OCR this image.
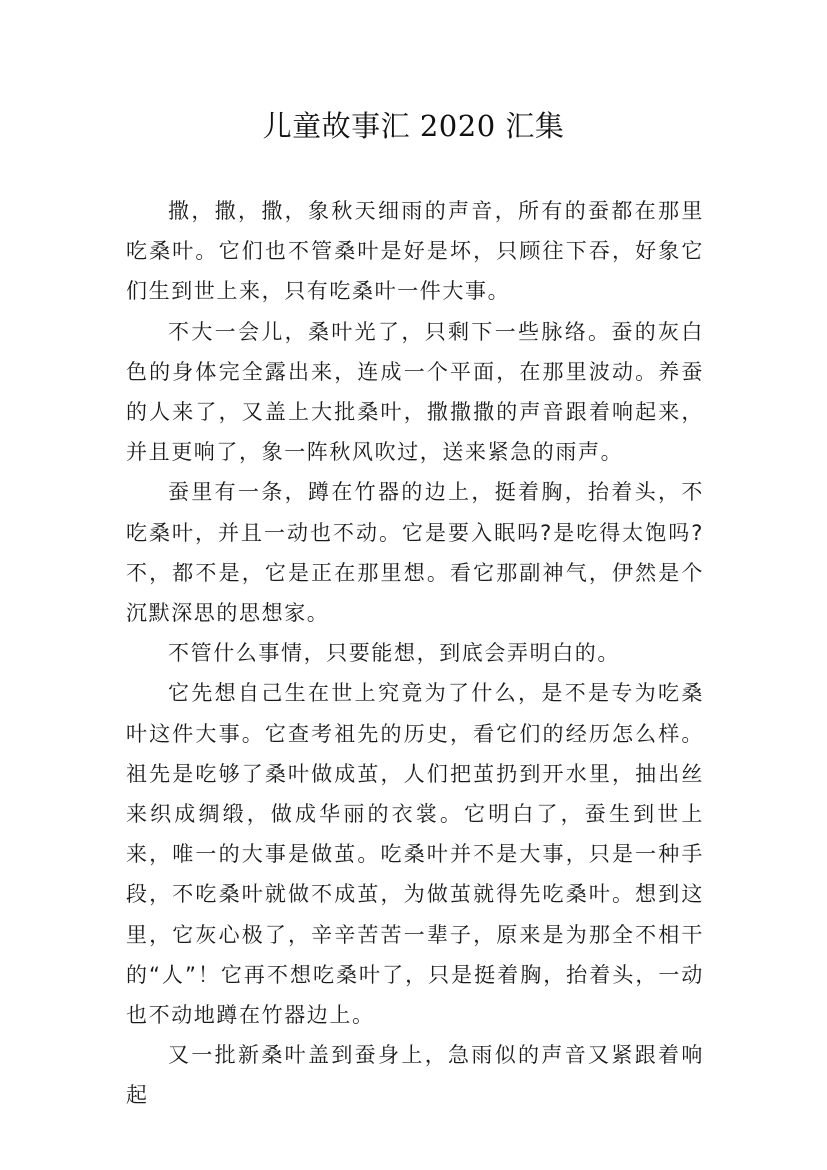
儿童故事汇 2020 汇集

撒，撒，撒，象秋天细雨的声音，所有的蚕都在那里吃桑叶。它们也不管桑叶是好是坏，只顾往下吞，好象它们生到世上来，只有吃桑叶一件大事。

不大一会儿，桑叶光了，只剩下一些脉络。蚕的灰白色的身体完全露出来，连成一个平面，在那里波动。养蚕的人来了，又盖上大批桑叶，撒撒撒的声音跟着响起来，并且更响了，象一阵秋风吹过，送来紧急的雨声。

蚕里有一条，蹲在竹器的边上，挺着胸，抬着头，不吃桑叶，并且一动也不动。它是要入眠吗?是吃得太饱吗?不，都不是，它是正在那里想。看它那副神气，伊然是个沉默深思的思想家。

不管什么事情，只要能想，到底会弄明白的。

它先想自己生在世上究竟为了什么，是不是专为吃桑叶这件大事。它查考祖先的历史，看它们的经历怎么样。祖先是吃够了桑叶做成茧，人们把茧扔到开水里，抽出丝来织成绸缎，做成华丽的衣裳。它明白了，蚕生到世上来，唯一的大事是做茧。吃桑叶并不是大事，只是一种手段，不吃桑叶就做不成茧，为做茧就得先吃桑叶。想到这里，它灰心极了，辛辛苦苦一辈子，原来是为那全不相干的“人”！它再不想吃桑叶了，只是挺着胸，抬着头，一动也不动地蹲在竹器边上。

又一批新桑叶盖到蚕身上，急雨似的声音又紧跟着响起
